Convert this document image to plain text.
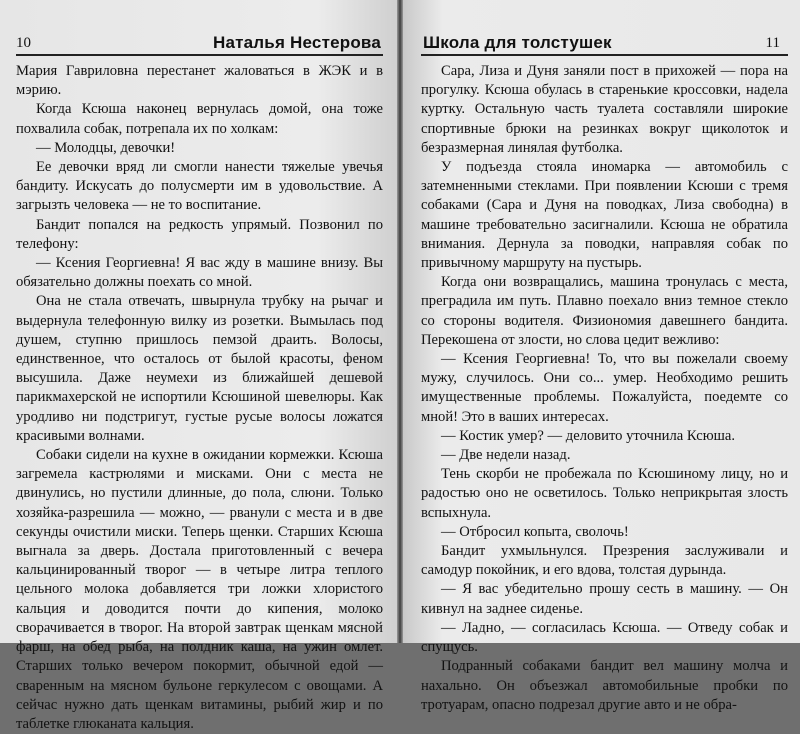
10	Наталья Нестерова

Мария Гавриловна перестанет жаловаться в ЖЭК и в мэрию.

Когда Ксюша наконец вернулась домой, она тоже похвалила собак, потрепала их по холкам:

— Молодцы, девочки!

Ее девочки вряд ли смогли нанести тяжелые увечья бандиту. Искусать до полусмерти им в удовольствие. А загрызть человека — не то воспитание.

Бандит попался на редкость упрямый. Позвонил по телефону:

— Ксения Георгиевна! Я вас жду в машине внизу. Вы обязательно должны поехать со мной.

Она не стала отвечать, швырнула трубку на рычаг и выдернула телефонную вилку из розетки. Вымылась под душем, ступню пришлось пемзой драить. Волосы, единственное, что осталось от былой красоты, феном высушила. Даже неумехи из ближайшей дешевой парикмахерской не испортили Ксюшиной шевелюры. Как уродливо ни подстригут, густые русые волосы ложатся красивыми волнами.

Собаки сидели на кухне в ожидании кормежки. Ксюша загремела кастрюлями и мисками. Они с места не двинулись, но пустили длинные, до пола, слюни. Только хозяйка-разрешила — можно, — рванули с места и в две секунды очистили миски. Теперь щенки. Старших Ксюша выгнала за дверь. Достала приготовленный с вечера кальцинированный творог — в четыре литра теплого цельного молока добавляется три ложки хлористого кальция и доводится почти до кипения, молоко сворачивается в творог. На второй завтрак щенкам мясной фарш, на обед рыба, на полдник каша, на ужин омлет. Старших только вечером покормит, обычной едой — сваренным на мясном бульоне геркулесом с овощами. А сейчас нужно дать щенкам витамины, рыбий жир и по таблетке глюканата кальция.

Школа для толстушек	11

Сара, Лиза и Дуня заняли пост в прихожей — пора на прогулку. Ксюша обулась в старенькие кроссовки, надела куртку. Остальную часть туалета составляли широкие спортивные брюки на резинках вокруг щиколоток и безразмерная линялая футболка.

У подъезда стояла иномарка — автомобиль с затемненными стеклами. При появлении Ксюши с тремя собаками (Сара и Дуня на поводках, Лиза свободна) в машине требовательно засигналили. Ксюша не обратила внимания. Дернула за поводки, направляя собак по привычному маршруту на пустырь.

Когда они возвращались, машина тронулась с места, преградила им путь. Плавно поехало вниз темное стекло со стороны водителя. Физиономия давешнего бандита. Перекошена от злости, но слова цедит вежливо:

— Ксения Георгиевна! То, что вы пожелали своему мужу, случилось. Они со... умер. Необходимо решить имущественные проблемы. Пожалуйста, поедемте со мной! Это в ваших интересах.

— Костик умер? — деловито уточнила Ксюша.

— Две недели назад.

Тень скорби не пробежала по Ксюшиному лицу, но и радостью оно не осветилось. Только неприкрытая злость вспыхнула.

— Отбросил копыта, сволочь!

Бандит ухмыльнулся. Презрения заслуживали и самодур покойник, и его вдова, толстая дурында.

— Я вас убедительно прошу сесть в машину. — Он кивнул на заднее сиденье.

— Ладно, — согласилась Ксюша. — Отведу собак и спущусь.

Подранный собаками бандит вел машину молча и нахально. Он объезжал автомобильные пробки по тротуарам, опасно подрезал другие авто и не обра-
